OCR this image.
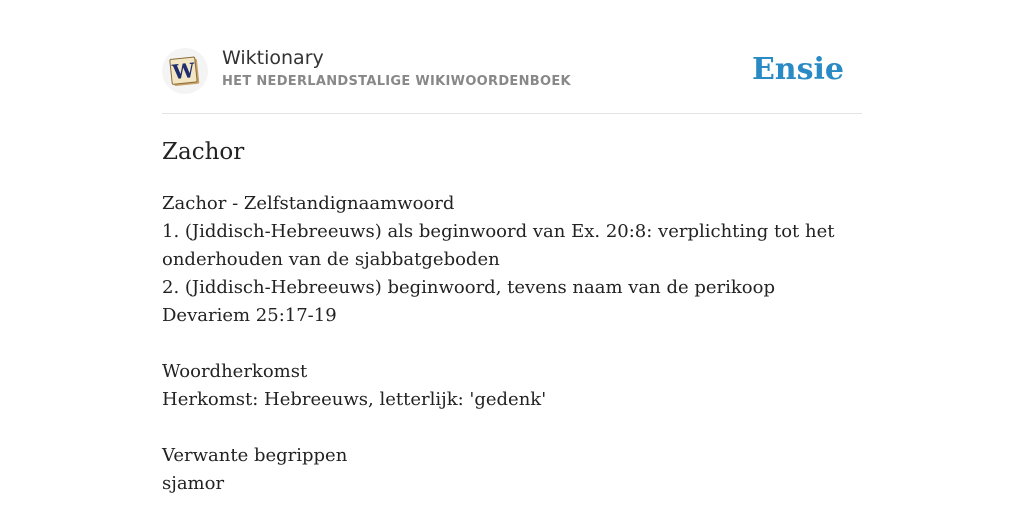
W
Wiktionary
HET NEDERLANDSTALIGE WIKIWOORDENBOEK	Ensie
Zachor

Zachor - Zelfstandignaamwoord

1. (Jiddisch-Hebreeuws) als beginwoord van Ex. 20:8: verplichting tot het onderhouden van de sjabbatgeboden

2. (Jiddisch-Hebreeuws) beginwoord, tevens naam van de perikoop Devariem 25:17-19

Woordherkomst

Herkomst: Hebreeuws, letterlijk: 'gedenk'

Verwante begrippen

sjamor
